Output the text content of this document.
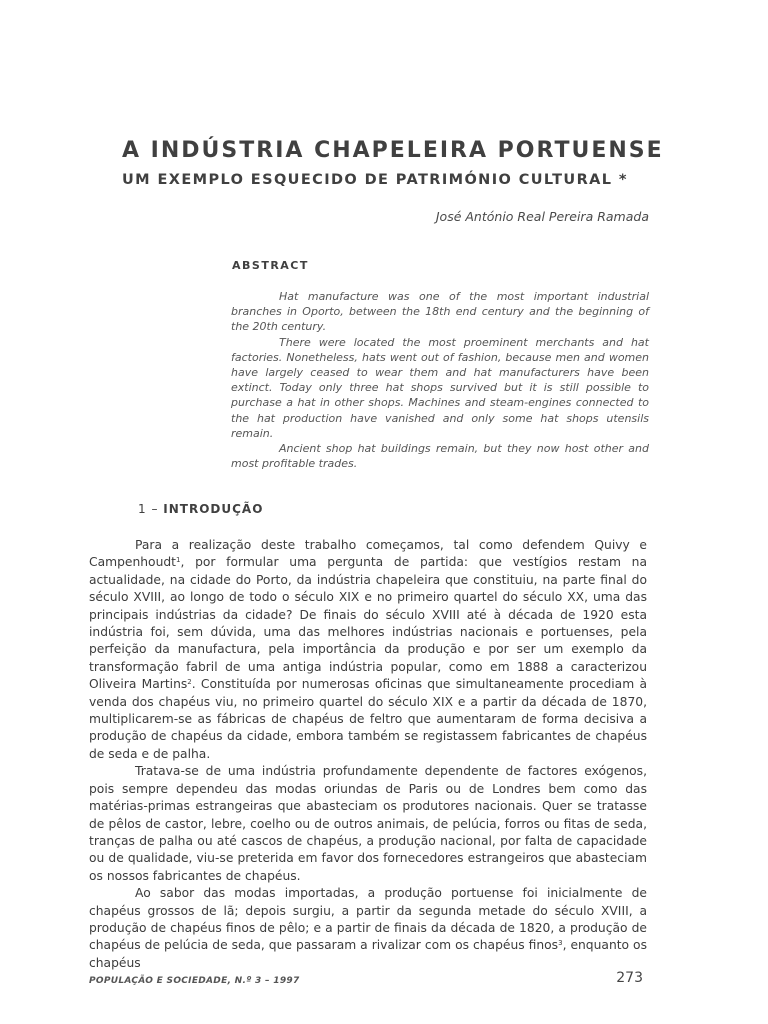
A INDÚSTRIA CHAPELEIRA PORTUENSE
UM EXEMPLO ESQUECIDO DE PATRIMÓNIO CULTURAL *
José António Real Pereira Ramada
ABSTRACT

Hat manufacture was one of the most important industrial branches in Oporto, between the 18th end century and the beginning of the 20th century.

There were located the most proeminent merchants and hat factories. Nonetheless, hats went out of fashion, because men and women have largely ceased to wear them and hat manufacturers have been extinct. Today only three hat shops survived but it is still possible to purchase a hat in other shops. Machines and steam-engines connected to the hat production have vanished and only some hat shops utensils remain.

Ancient shop hat buildings remain, but they now host other and most profitable trades.

1 – INTRODUÇÃO

Para a realização deste trabalho começamos, tal como defendem Quivy e Campenhoudt$^1$, por formular uma pergunta de partida: que vestígios restam na actualidade, na cidade do Porto, da indústria chapeleira que constituiu, na parte final do século XVIII, ao longo de todo o século XIX e no primeiro quartel do século XX, uma das principais indústrias da cidade? De finais do século XVIII até à década de 1920 esta indústria foi, sem dúvida, uma das melhores indústrias nacionais e portuenses, pela perfeição da manufactura, pela importância da produção e por ser um exemplo da transformação fabril de uma antiga indústria popular, como em 1888 a caracterizou Oliveira Martins$^2$. Constituída por numerosas oficinas que simultaneamente procediam à venda dos chapéus viu, no primeiro quartel do século XIX e a partir da década de 1870, multiplicarem-se as fábricas de chapéus de feltro que aumentaram de forma decisiva a produção de chapéus da cidade, embora também se registassem fabricantes de chapéus de seda e de palha.

Tratava-se de uma indústria profundamente dependente de factores exógenos, pois sempre dependeu das modas oriundas de Paris ou de Londres bem como das matérias-primas estrangeiras que abasteciam os produtores nacionais. Quer se tratasse de pêlos de castor, lebre, coelho ou de outros animais, de pelúcia, forros ou fitas de seda, tranças de palha ou até cascos de chapéus, a produção nacional, por falta de capacidade ou de qualidade, viu-se preterida em favor dos fornecedores estrangeiros que abasteciam os nossos fabricantes de chapéus.

Ao sabor das modas importadas, a produção portuense foi inicialmente de chapéus grossos de lã; depois surgiu, a partir da segunda metade do século XVIII, a produção de chapéus finos de pêlo; e a partir de finais da década de 1820, a produção de chapéus de pelúcia de seda, que passaram a rivalizar com os chapéus finos$^3$, enquanto os chapéus

POPULAÇÃO E SOCIEDADE, N.º 3 – 1997	273
